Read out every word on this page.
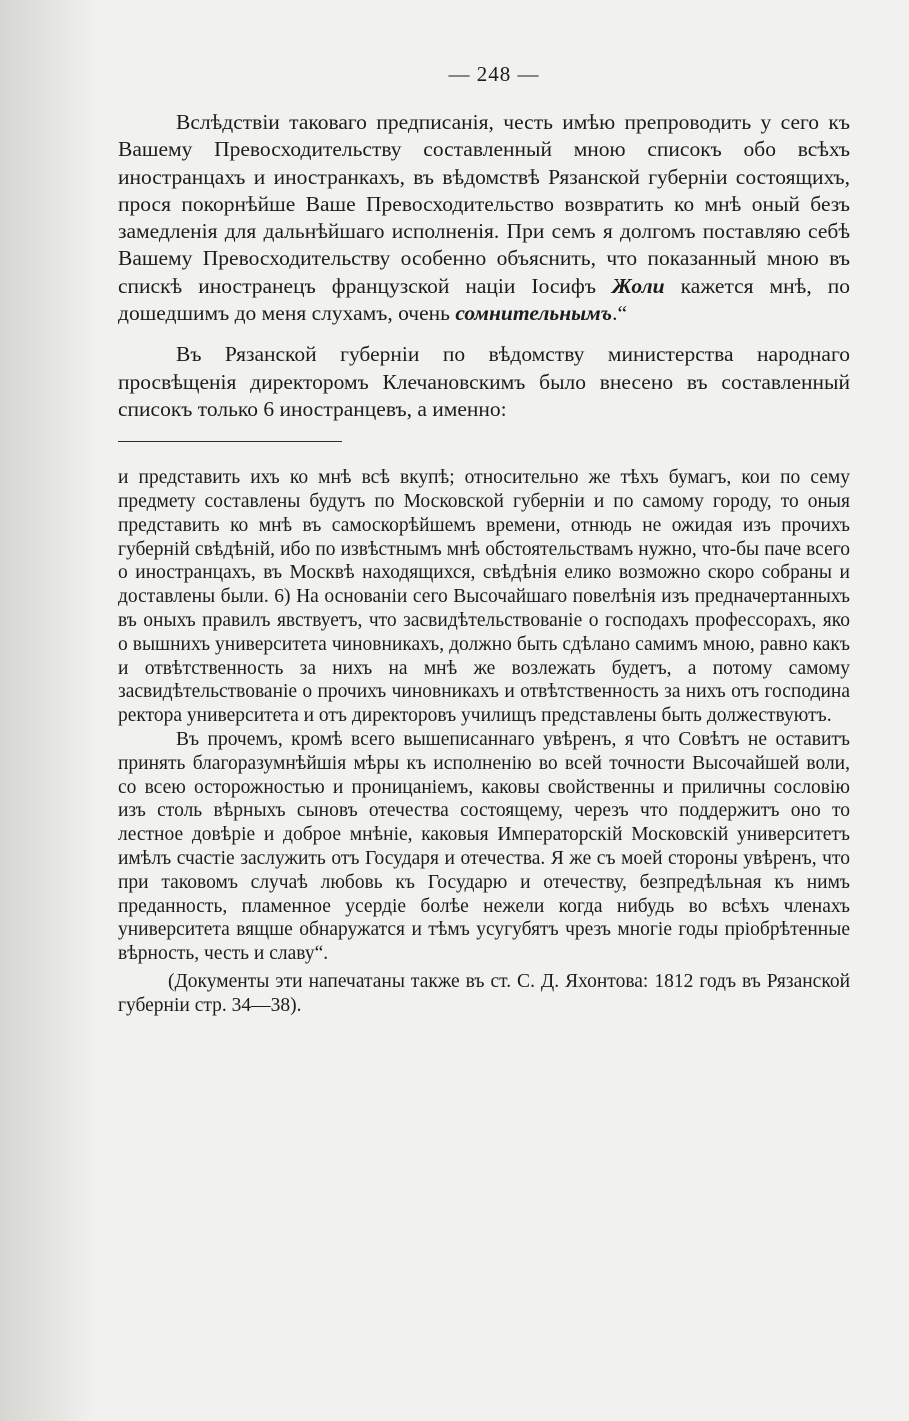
— 248 —

Вслѣдствіи таковаго предписанія, честь имѣю препроводить у сего къ Вашему Превосходительству составленный мною списокъ обо всѣхъ иностранцахъ и иностранкахъ, въ вѣдомствѣ Рязанской губерніи состоящихъ, прося покорнѣйше Ваше Превосходительство возвратить ко мнѣ оный безъ замедленія для дальнѣйшаго исполненія. При семъ я долгомъ поставляю себѣ Вашему Превосходительству особенно объяснить, что показанный мною въ спискѣ иностранецъ французской націи Іосифъ Жоли кажется мнѣ, по дошедшимъ до меня слухамъ, очень сомнительнымъ.“

Въ Рязанской губерніи по вѣдомству министерства народнаго просвѣщенія директоромъ Клечановскимъ было внесено въ составленный списокъ только 6 иностранцевъ, а именно:

и представить ихъ ко мнѣ всѣ вкупѣ; относительно же тѣхъ бумагъ, кои по сему предмету составлены будутъ по Московской губерніи и по самому городу, то оныя представить ко мнѣ въ самоскорѣйшемъ времени, отнюдь не ожидая изъ прочихъ губерній свѣдѣній, ибо по извѣстнымъ мнѣ обстоятельствамъ нужно, что-бы паче всего о иностранцахъ, въ Москвѣ находящихся, свѣдѣнія елико возможно скоро собраны и доставлены были. 6) На основаніи сего Высочайшаго повелѣнія изъ предначертанныхъ въ оныхъ правилъ явствуетъ, что засвидѣтельствованіе о господахъ профессорахъ, яко о вышнихъ университета чиновникахъ, должно быть сдѣлано самимъ мною, равно какъ и отвѣтственность за нихъ на мнѣ же возлежать будетъ, а потому самому засвидѣтельствованіе о прочихъ чиновникахъ и отвѣтственность за нихъ отъ господина ректора университета и отъ директоровъ училищъ представлены быть должествуютъ.

Въ прочемъ, кромѣ всего вышеписаннаго увѣренъ, я что Совѣтъ не оставитъ принять благоразумнѣйшія мѣры къ исполненію во всей точности Высочайшей воли, со всею осторожностью и проницаніемъ, каковы свойственны и приличны сословію изъ столь вѣрныхъ сыновъ отечества состоящему, черезъ что поддержитъ оно то лестное довѣріе и доброе мнѣніе, каковыя Императорскій Московскій университетъ имѣлъ счастіе заслужить отъ Государя и отечества. Я же съ моей стороны увѣренъ, что при таковомъ случаѣ любовь къ Государю и отечеству, безпредѣльная къ нимъ преданность, пламенное усердіе болѣе нежели когда нибудь во всѣхъ членахъ университета вящше обнаружатся и тѣмъ усугубятъ чрезъ многіе годы пріобрѣтенные вѣрность, честь и славу“.

(Документы эти напечатаны также въ ст. С. Д. Яхонтова: 1812 годъ въ Рязанской губерніи стр. 34—38).
